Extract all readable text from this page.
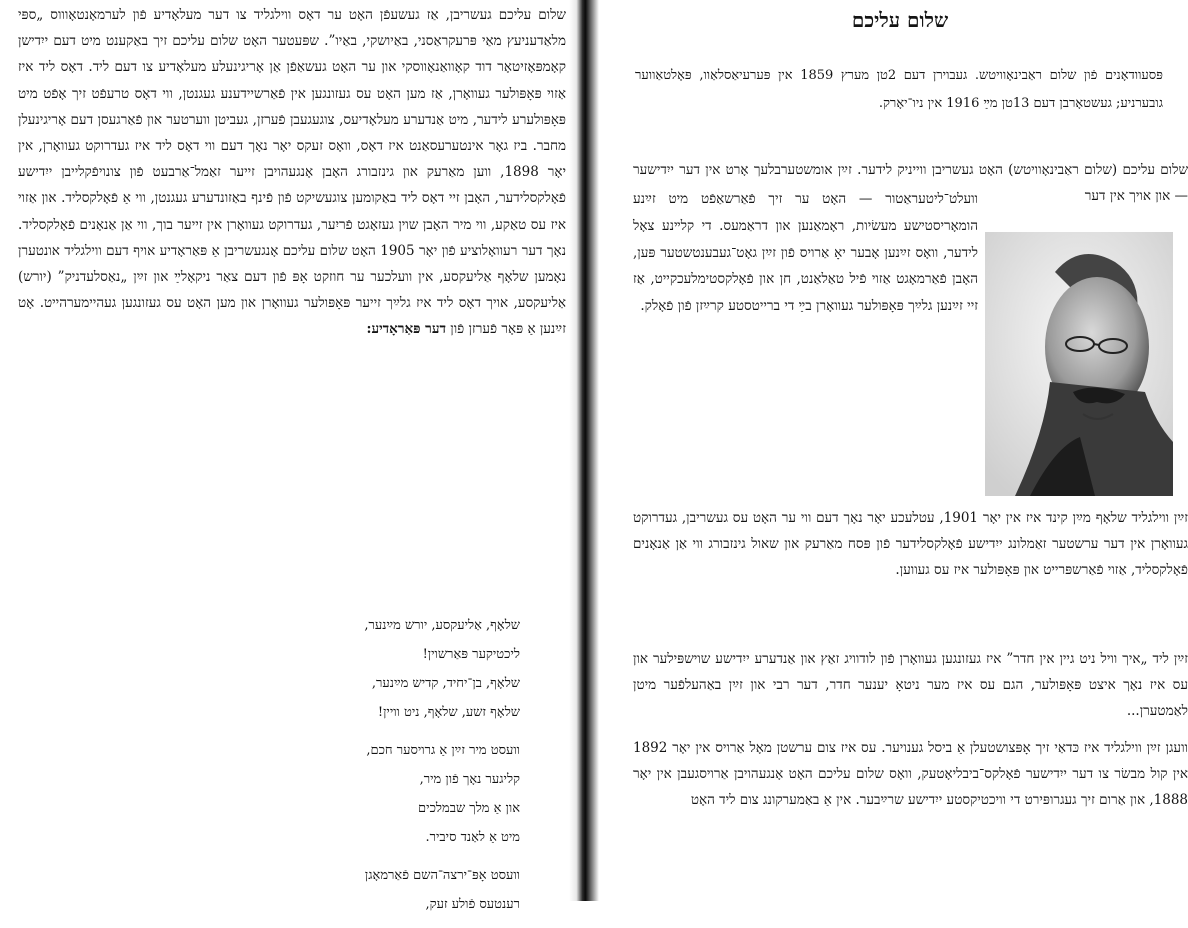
שלום עליכם געשריבן, אַז געשעפֿן האָט ער דאָס ווילגליד צו דער מעלאָדיע פֿון לערמאָנטאָוווס „ספּי מלאַדעניעץ מאַי פּרעקראַסני, באַיושקי, באַיו”. שפּעטער האָט שלום עליכם זיך באַקענט מיט דעם ייִדישן קאָמפּאָזיטאָר דוד קאָוואַנאָווסקי און ער האָט געשאַפֿן אַן אָריגינעלע מעלאָדיע צו דעם ליד. דאָס ליד איז אַזוי פּאָפּולער געוואָרן, אַז מען האָט עס געזונגען אין פֿאַרשיידענע געגנטן, ווי דאָס טרעפֿט זיך אָפֿט מיט פּאָפּולערע לידער, מיט אַנדערע מעלאָדיעס, צוגעגעבן פֿערזן, געביטן ווערטער און פֿאַרגעסן דעם אָריגינעלן מחבר. ביז גאָר אינטערעסאַנט איז דאָס, וואָס זעקס יאָר נאָך דעם ווי דאָס ליד איז געדרוקט געוואָרן, אין יאָר 1898, ווען מאַרעק און גינזבורג האָבן אָנגעהויבן זייער זאַמל־אַרבעט פֿון צונויפֿקלייבן ייִדישע פֿאָלקסלידער, האָבן זיי דאָס ליד באַקומען צוגעשיקט פֿון פֿינף באַזונדערע געגנטן, ווי אַ פֿאָלקסליד. און אַזוי איז עס טאַקע, ווי מיר האָבן שוין געזאָגט פֿריִער, געדרוקט געוואָרן אין זייער בוך, ווי אַן אַנאָנים פֿאָלקסליד. נאָך דער רעוואָלוציע פֿון יאָר 1905 האָט שלום עליכם אָנגעשריבן אַ פּאַראָדיע אויף דעם ווילגליד אונטערן נאָמען שלאָף אַליעקסע, אין וועלכער ער חוזקט אָפּ פֿון דעם צאַר ניקאָלײַ און זײַן „נאַסלעדניק” (יורש) אַליעקסע, אויך דאָס ליד איז גלײַך זייער פּאָפּולער געוואָרן און מען האָט עס געזונגען געהיימערהייט. אָט זײַנען אַ פּאָר פֿערזן פֿון דער פּאַראָדיע:

שלאָף, אַליעקסע, יורש מײַנער,
ליכטיקער פּאַרשוין!
שלאָף, בן־יחיד, קדיש מײַנער,
שלאָף זשע, שלאָף, ניט וויין!
וועסט מיר זײַן אַ גרויסער חכם,
קליגער נאָך פֿון מיר,
און אַ מלך שבמלכים
מיט אַ לאַנד סיביר.
וועסט אָפּ־ירצה־השם פֿאַרמאָגן
רענטעס פֿולע זעק,
שלום עליכם

פּסעוודאָנים פֿון שלום ראַבינאָוויטש. געבוירן דעם 2טן מערץ 1859 אין פּערעיאַסלאַוו, פּאָלטאַווער גובערניע; געשטאָרבן דעם 13טן מײַ 1916 אין ניו־יאָרק.

שלום עליכם (שלום ראַבינאָוויטש) האָט געשריבן ווייניק לידער. זײַן אומשטערבלעך אָרט אין דער ייִדישער — און אויך אין דער

וועלט־ליטעראַטור — האָט ער זיך פֿאַרשאַפֿט מיט זײַנע הומאָריסטישע מעשׂיות, ראָמאַנען און דראַמעס. די קלײנע צאָל לידער, וואָס זײַנען אָבער יאָ אַרויס פֿון זײַן גאָט־געבענטשטער פּען, האָבן פֿאַרמאָגט אַזוי פֿיל טאַלאַנט, חן און פֿאָלקסטימלעכקייט, אַז זיי זײַנען גלײַך פּאָפּולער געוואָרן בײַ די ברייטסטע קרײַזן פֿון פֿאָלק.

זײַן ווילגליד שלאָף מײַן קינד איז אין יאָר 1901, עטלעכע יאָר נאָך דעם ווי ער האָט עס געשריבן, געדרוקט געוואָרן אין דער ערשטער זאַמלונג ייִדישע פֿאָלקסלידער פֿון פּסח מאַרעק און שאול גינזבורג ווי אַן אַנאָנים פֿאָלקסליד, אַזוי פֿאַרשפּרייט און פּאָפּולער איז עס געווען.

זײַן ליד „איך וויל ניט גיין אין חדר” איז געזונגען געוואָרן פֿון לודוויג זאַץ און אַנדערע ייִדישע שוישפּילער און עס איז נאָך איצט פּאָפּולער, הגם עס איז מער ניטאָ יענער חדר, דער רבי און זײַן באַהעלפֿער מיטן לאַמטערן...

וועגן זײַן ווילגליד איז כּדאַי זיך אָפּצושטעלן אַ ביסל גענויער. עס איז צום ערשטן מאָל אַרויס אין יאָר 1892 אין קול מבשׂר צו דער ייִדישער פֿאָלקס־ביבליאָטעק, וואָס שלום עליכם האָט אָנגעהויבן אַרויסגעבן אין יאָר 1888, און אַרום זיך געגרופּירט די וויכטיקסטע ייִדישע שרײַבער. אין אַ באַמערקונג צום ליד האָט
